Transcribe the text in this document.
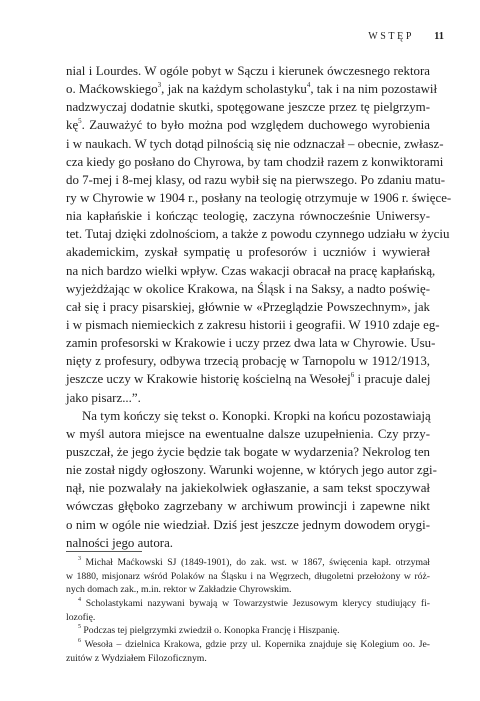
WSTĘP 11
nial i Lourdes. W ogóle pobyt w Sączu i kierunek ówczesnego rektora
o. Maćkowskiego$^3$, jak na każdym scholastyku$^4$, tak i na nim pozostawił
nadzwyczaj dodatnie skutki, spotęgowane jeszcze przez tę pielgrzym-
$kę^5$. Zauważyć to było można pod względem duchowego wyrobienia
i w naukach. W tych dotąd pilnością się nie odznaczał – obecnie, zwłasz-
cza kiedy go posłano do Chyrowa, by tam chodził razem z konwiktorami
do 7-mej i 8-mej klasy, od razu wybił się na pierwszego. Po zdaniu matu-
ry w Chyrowie w 1904 r., posłany na teologię otrzymuje w 1906 r. święce-
nia kapłańskie i kończąc teologię, zaczyna równocześnie Uniwersy-
tet. Tutaj dzięki zdolnościom, a także z powodu czynnego udziału w życiu
akademickim, zyskał sympatię u profesorów i uczniów i wywierał
na nich bardzo wielki wpływ. Czas wakacji obracał na pracę kapłańską,
wyjeżdżając w okolice Krakowa, na Śląsk i na Saksy, a nadto poświę-
cał się i pracy pisarskiej, głównie w «Przeglądzie Powszechnym», jak
i w pismach niemieckich z zakresu historii i geografii. W 1910 zdaje eg-
zamin profesorski w Krakowie i uczy przez dwa lata w Chyrowie. Usu-
nięty z profesury, odbywa trzecią probację w Tarnopolu w 1912/1913,
jeszcze uczy w Krakowie historię kościelną na Wesołej$^6$ i pracuje dalej
jako pisarz...”.
Na tym kończy się tekst o. Konopki. Kropki na końcu pozostawiają
w myśl autora miejsce na ewentualne dalsze uzupełnienia. Czy przy-
puszczał, że jego życie będzie tak bogate w wydarzenia? Nekrolog ten
nie został nigdy ogłoszony. Warunki wojenne, w których jego autor zgi-
nął, nie pozwalały na jakiekolwiek ogłaszanie, a sam tekst spoczywał
wówczas głęboko zagrzebany w archiwum prowincji i zapewne nikt
o nim w ogóle nie wiedział. Dziś jest jeszcze jednym dowodem orygi-
nalności jego autora.
$^3$ Michał Maćkowski SJ (1849-1901), do zak. wst. w 1867, święcenia kapł. otrzymał
w 1880, misjonarz wśród Polaków na Śląsku i na Węgrzech, długoletni przełożony w róż-
nych domach zak., m.in. rektor w Zakładzie Chyrowskim.
$^4$ Scholastykami nazywani bywają w Towarzystwie Jezusowym klerycy studiujący fi-
lozofię.
$^5$ Podczas tej pielgrzymki zwiedził o. Konopka Francję i Hiszpanię.
$^6$ Wesoła – dzielnica Krakowa, gdzie przy ul. Kopernika znajduje się Kolegium oo. Je-
zuitów z Wydziałem Filozoficznym.
